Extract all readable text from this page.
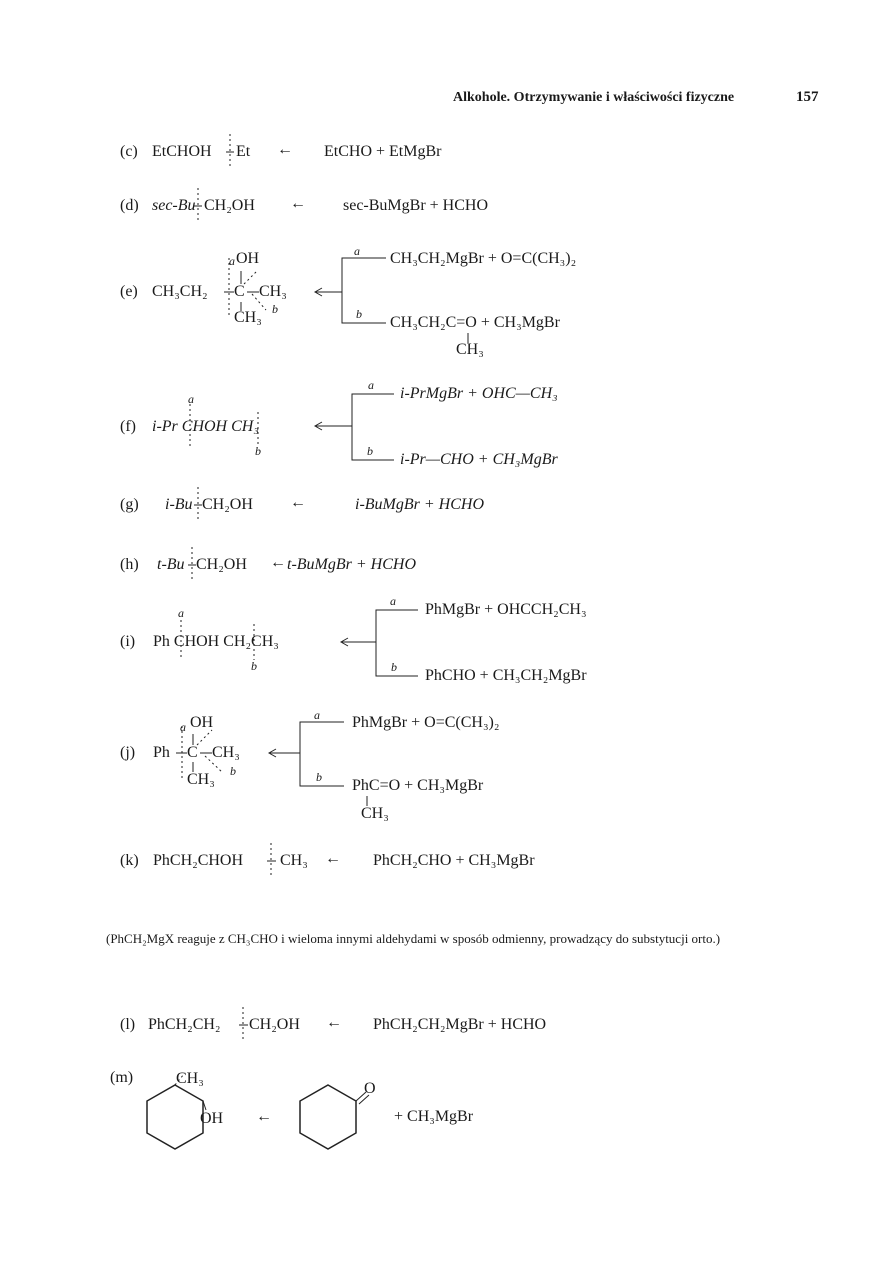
Alkohole. Otrzymywanie i właściwości fizyczne	157
(c) EtCHOH Et ← EtCHO + EtMgBr
(d) sec-Bu CH₂OH ← sec-BuMgBr + HCHO
a OH
(e) CH₃CH₂ C CH₃
CH₃ b
a CH₃CH₂MgBr + O=C(CH₃)₂
b CH₃CH₂C=O + CH₃MgBr
CH₃
a
(f) i-Pr CHOH CH₃
b
a i-PrMgBr + OHC—CH₃
b i-Pr—CHO + CH₃MgBr
(g) i-Bu CH₂OH ←	i-BuMgBr + HCHO
(h) t-Bu CH₂OH ← t-BuMgBr + HCHO
a
(i) Ph CHOH CH₂CH₃
b
a PhMgBr + OHCCH₂CH₃
b PhCHO + CH₃CH₂MgBr
a OH
(j) Ph C CH₃
CH₃ b
a PhMgBr + O=C(CH₃)₂
b PhC=O + CH₃MgBr
CH₃
(k) PhCH₂CHOH CH₃ ← PhCH₂CHO + CH₃MgBr
(PhCH₂MgX reaguje z CH₃CHO i wieloma innymi aldehydami w sposób odmienny, prowadzący do substytucji orto.)
(l) PhCH₂CH₂ CH₂OH ← PhCH₂CH₂MgBr + HCHO
(m)	CH₃
OH ←
O
+ CH₃MgBr
